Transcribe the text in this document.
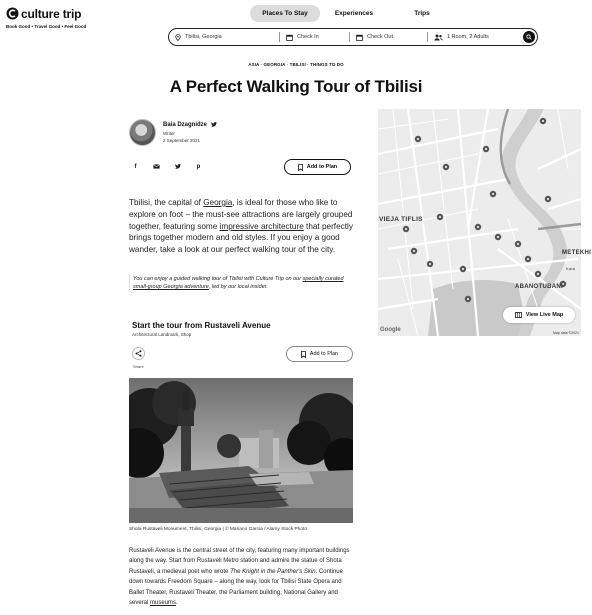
culture trip
Book Good • Travel Good • Feel Good
Places To Stay	Experiences	Trips
Tbilisi, Georgia	Check In	Check Out	1 Room, 2 Adults
ASIA · GEORGIA · TBILISI · THINGS TO DO
A Perfect Walking Tour of Tbilisi
Baia Dzagnidze
Writer
2 September 2021
f	p	Add to Plan
Tbilisi, the capital of Georgia, is ideal for those who like to explore on foot – the must-see attractions are largely grouped together, featuring some impressive architecture that perfectly brings together modern and old styles. If you enjoy a good wander, take a look at our perfect walking tour of the city.
You can enjoy a guided walking tour of Tbilisi with Culture Trip on our specially curated small-group Georgia adventure, led by our local insider.
Start the tour from Rustaveli Avenue
Architectural Landmark, Shop
Share
Add to Plan
Shota Rustaveli Monument, Tbilisi, Georgia | © Mariano Garcia / Alamy Stock Photo
Rustaveli Avenue is the central street of the city, featuring many important buildings along the way. Start from Rustaveli Metro station and admire the statue of Shota Rustaveli, a medieval poet who wrote The Knight in the Panther's Skin. Continue down towards Freedom Square – along the way, look for Tbilisi State Opera and Ballet Theater, Rustaveli Theater, the Parliament building, National Gallery and several museums.
VIEJA TIFLIS
ABANOTUBANI
METEKHI
Kala
Google	Map data ©2021
View Live Map
